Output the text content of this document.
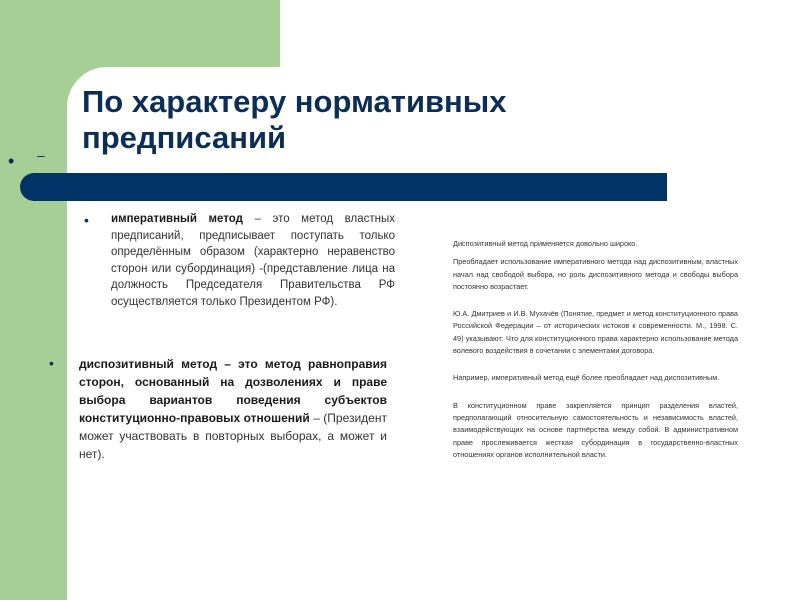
По характеру нормативных предписаний
• –
• императивный метод – это метод властных предписаний, предписывает поступать только определённым образом (характерно неравенство сторон или субординация) -(представление лица на должность Председателя Правительства РФ осуществляется только Президентом РФ).
• диспозитивный метод – это метод равноправия сторон, основанный на дозволениях и праве выбора вариантов поведения субъектов конституционно-правовых отношений – (Президент может участвовать в повторных выборах, а может и нет).

Диспозитивный метод применяется довольно широко.

Преобладает использование императивного метода над диспозитивным, властных начал над свободой выбора, но роль диспозитивного метода и свободы выбора постоянно возрастает.

Ю.А. Дмитриев и И.В. Мухачёв (Понятие, предмет и метод конституционного права Российской Федерации – от исторических истоков к современности. М., 1998. С. 49) указывают: Что для конституционного права характерно использование метода волевого воздействия в сочетании с элементами договора.

Например, императивный метод ещё более преобладает над диспозитивным.

В конституционном праве закрепляется принцип разделения властей, предполагающий относительную самостоятельность и независимость властей, взаимодействующих на основе партнёрства между собой. В административном праве прослеживается жесткая субординация в государственно-властных отношениях органов исполнительной власти.
